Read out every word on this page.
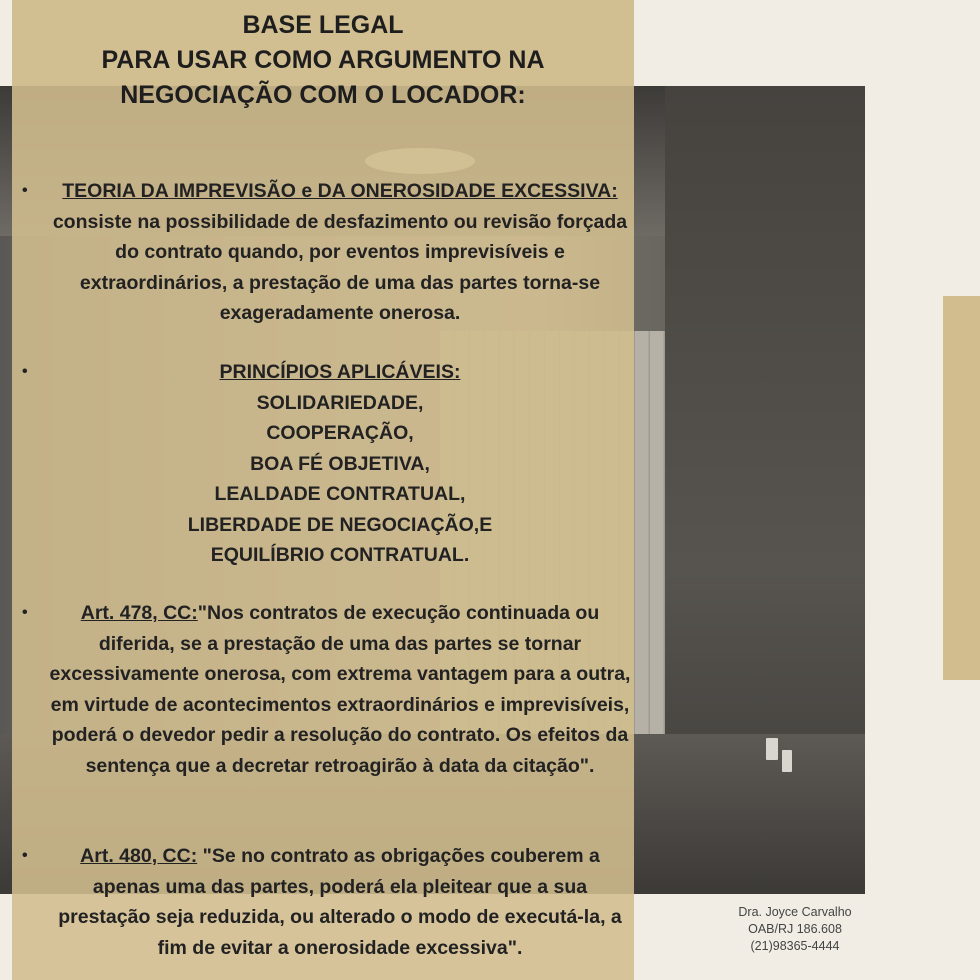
BASE LEGAL
PARA USAR COMO ARGUMENTO NA
NEGOCIAÇÃO COM O LOCADOR:
•	TEORIA DA IMPREVISÃO e DA ONEROSIDADE EXCESSIVA: consiste na possibilidade de desfazimento ou revisão forçada do contrato quando, por eventos imprevisíveis e extraordinários, a prestação de uma das partes torna-se exageradamente onerosa.
•	PRINCÍPIOS APLICÁVEIS:
SOLIDARIEDADE,
COOPERAÇÃO,
BOA FÉ OBJETIVA,
LEALDADE CONTRATUAL,
LIBERDADE DE NEGOCIAÇÃO,E
EQUILÍBRIO CONTRATUAL.
•	Art. 478, CC:"Nos contratos de execução continuada ou diferida, se a prestação de uma das partes se tornar excessivamente onerosa, com extrema vantagem para a outra, em virtude de acontecimentos extraordinários e imprevisíveis, poderá o devedor pedir a resolução do contrato. Os efeitos da sentença que a decretar retroagirão à data da citação".
•	Art. 480, CC: "Se no contrato as obrigações couberem a apenas uma das partes, poderá ela pleitear que a sua prestação seja reduzida, ou alterado o modo de executá-la, a fim de evitar a onerosidade excessiva".
Dra. Joyce Carvalho
OAB/RJ 186.608
(21)98365-4444
